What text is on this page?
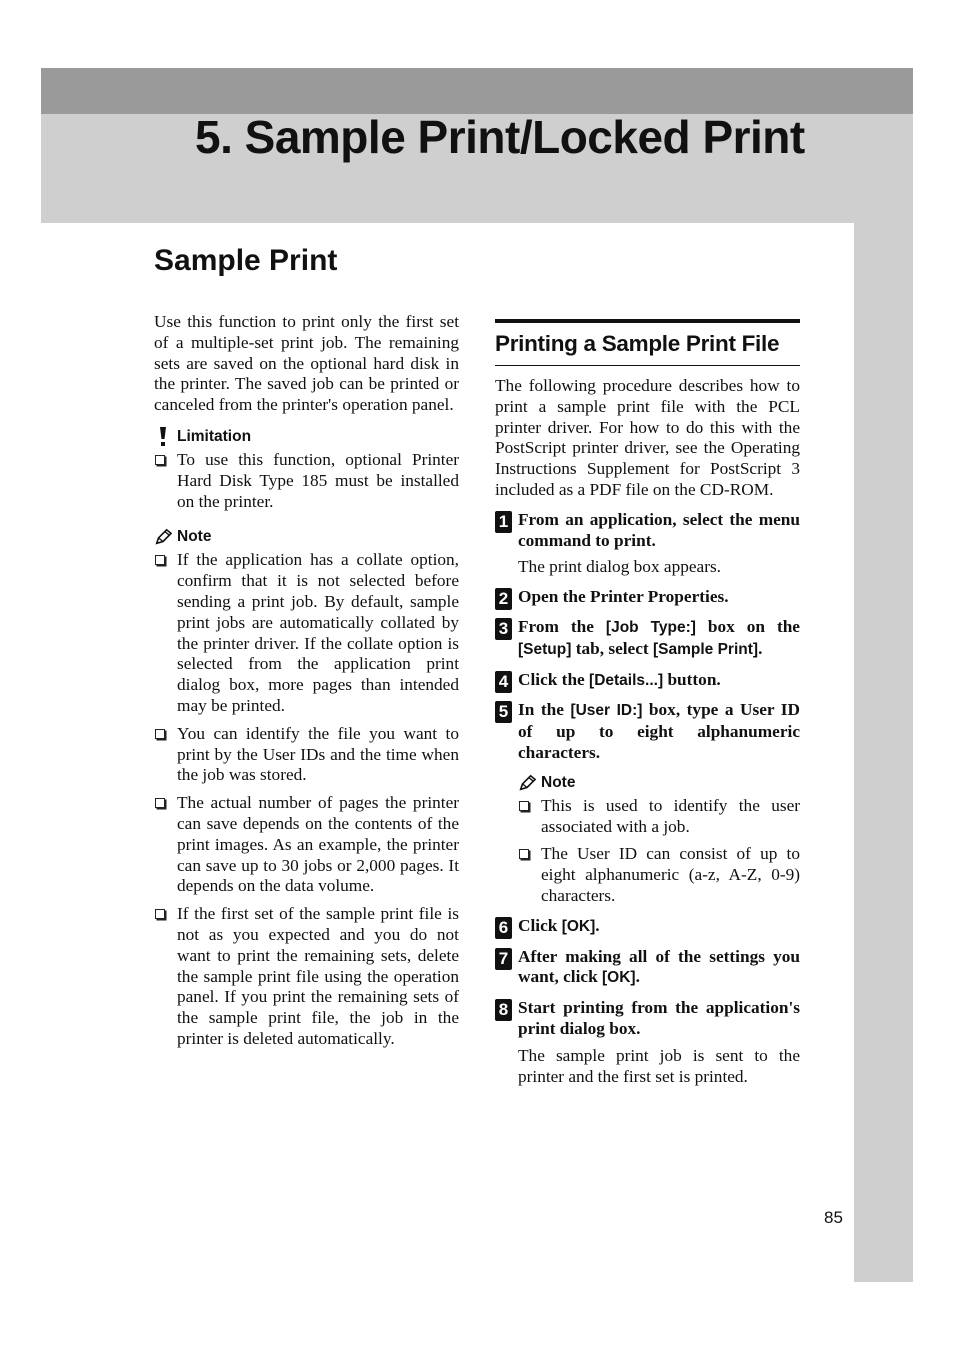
5. Sample Print/Locked Print
Sample Print

Use this function to print only the first set of a multiple-set print job. The remaining sets are saved on the optional hard disk in the printer. The saved job can be printed or canceled from the printer's operation panel.

Limitation
To use this function, optional Printer Hard Disk Type 185 must be installed on the printer.
Note
If the application has a collate option, confirm that it is not selected before sending a print job. By default, sample print jobs are automatically collated by the printer driver. If the collate option is selected from the application print dialog box, more pages than intended may be printed.
You can identify the file you want to print by the User IDs and the time when the job was stored.
The actual number of pages the printer can save depends on the contents of the print images. As an example, the printer can save up to 30 jobs or 2,000 pages. It depends on the data volume.
If the first set of the sample print file is not as you expected and you do not want to print the remaining sets, delete the sample print file using the operation panel. If you print the remaining sets of the sample print file, the job in the printer is deleted automatically.
Printing a Sample Print File

The following procedure describes how to print a sample print file with the PCL printer driver. For how to do this with the PostScript printer driver, see the Operating Instructions Supplement for PostScript 3 included as a PDF file on the CD-ROM.

1 From an application, select the menu command to print.

The print dialog box appears.

2 Open the Printer Properties.

3 From the [Job Type:] box on the [Setup] tab, select [Sample Print].

4 Click the [Details...] button.

5 In the [User ID:] box, type a User ID of up to eight alphanumeric characters.

Note
This is used to identify the user associated with a job.
The User ID can consist of up to eight alphanumeric (a-z, A-Z, 0-9) characters.
6 Click [OK].

7 After making all of the settings you want, click [OK].

8 Start printing from the application's print dialog box.

The sample print job is sent to the printer and the first set is printed.

85
